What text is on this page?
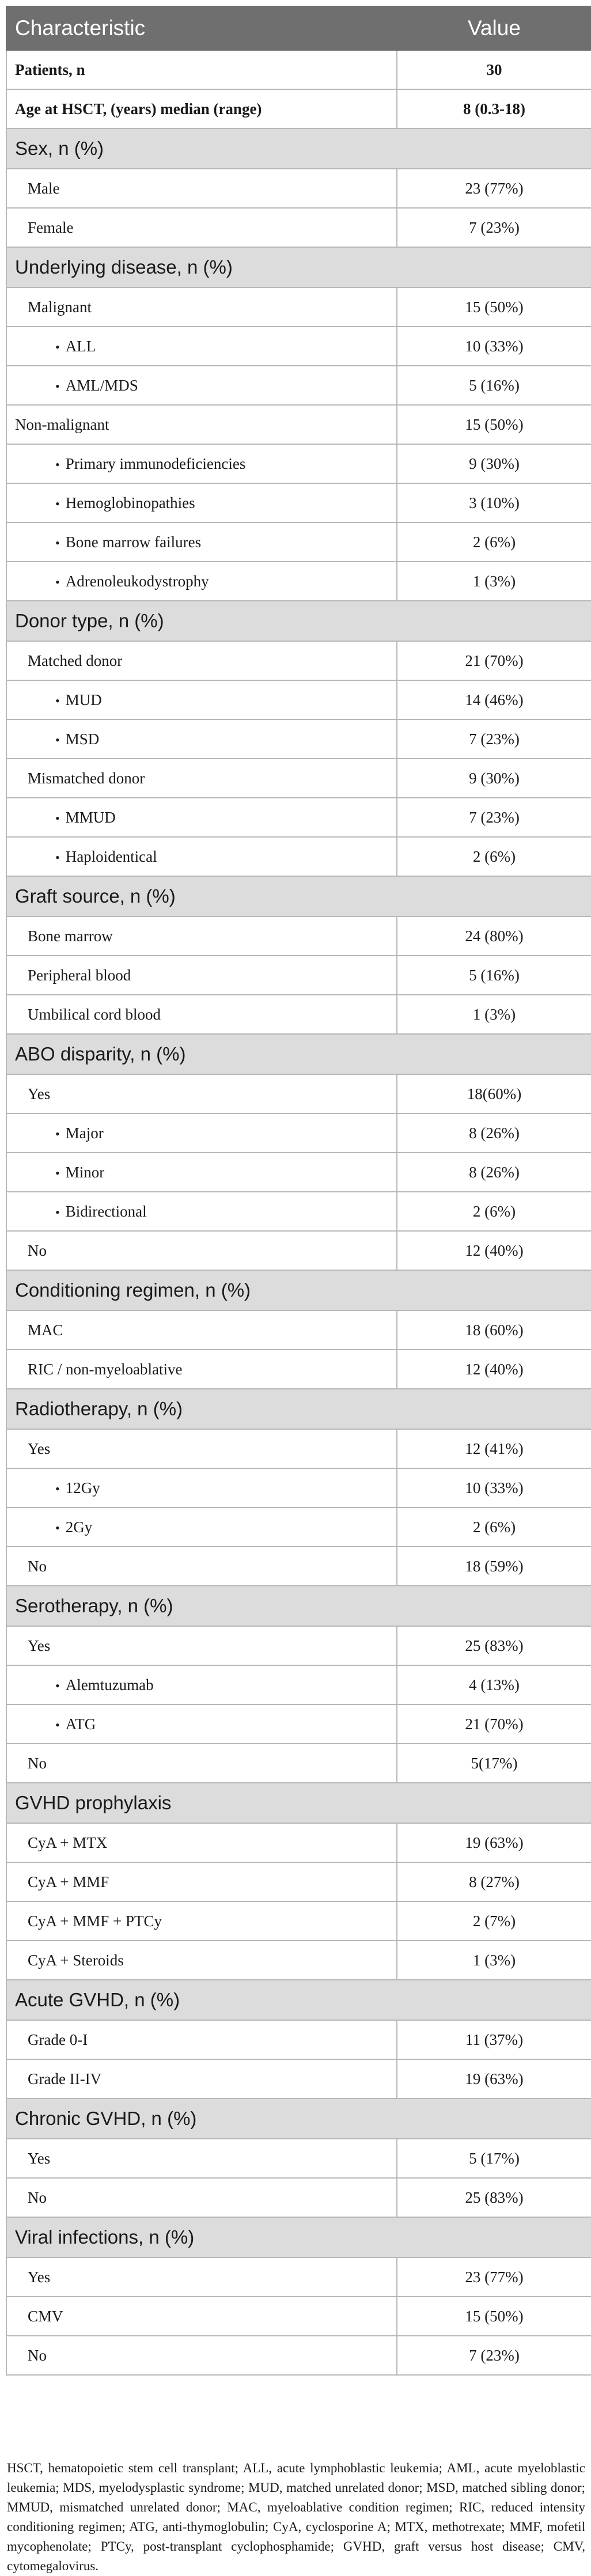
Characteristic	Value
Patients, n	30
Age at HSCT, (years) median (range)	8 (0.3-18)
Sex, n (%)	
Male	23 (77%)
Female	7 (23%)
Underlying disease, n (%)	
Malignant	15 (50%)
• ALL	10 (33%)
• AML/MDS	5 (16%)
Non-malignant	15 (50%)
• Primary immunodeficiencies	9 (30%)
• Hemoglobinopathies	3 (10%)
• Bone marrow failures	2 (6%)
• Adrenoleukodystrophy	1 (3%)
Donor type, n (%)	
Matched donor	21 (70%)
• MUD	14 (46%)
• MSD	7 (23%)
Mismatched donor	9 (30%)
• MMUD	7 (23%)
• Haploidentical	2 (6%)
Graft source, n (%)	
Bone marrow	24 (80%)
Peripheral blood	5 (16%)
Umbilical cord blood	1 (3%)
ABO disparity, n (%)	
Yes	18(60%)
• Major	8 (26%)
• Minor	8 (26%)
• Bidirectional	2 (6%)
No	12 (40%)
Conditioning regimen, n (%)	
MAC	18 (60%)
RIC / non-myeloablative	12 (40%)
Radiotherapy, n (%)	
Yes	12 (41%)
• 12Gy	10 (33%)
• 2Gy	2 (6%)
No	18 (59%)
Serotherapy, n (%)	
Yes	25 (83%)
• Alemtuzumab	4 (13%)
• ATG	21 (70%)
No	5(17%)
GVHD prophylaxis	
CyA + MTX	19 (63%)
CyA + MMF	8 (27%)
CyA + MMF + PTCy	2 (7%)
CyA + Steroids	1 (3%)
Acute GVHD, n (%)	
Grade 0-I	11 (37%)
Grade II-IV	19 (63%)
Chronic GVHD, n (%)	
Yes	5 (17%)
No	25 (83%)
Viral infections, n (%)	
Yes	23 (77%)
CMV	15 (50%)
No	7 (23%)

HSCT, hematopoietic stem cell transplant; ALL, acute lymphoblastic leukemia; AML, acute myeloblastic leukemia; MDS, myelodysplastic syndrome; MUD, matched unrelated donor; MSD, matched sibling donor; MMUD, mismatched unrelated donor; MAC, myeloablative condition regimen; RIC, reduced intensity conditioning regimen; ATG, anti-thymoglobulin; CyA, cyclosporine A; MTX, methotrexate; MMF, mofetil mycophenolate; PTCy, post-transplant cyclophosphamide; GVHD, graft versus host disease; CMV, cytomegalovirus.
